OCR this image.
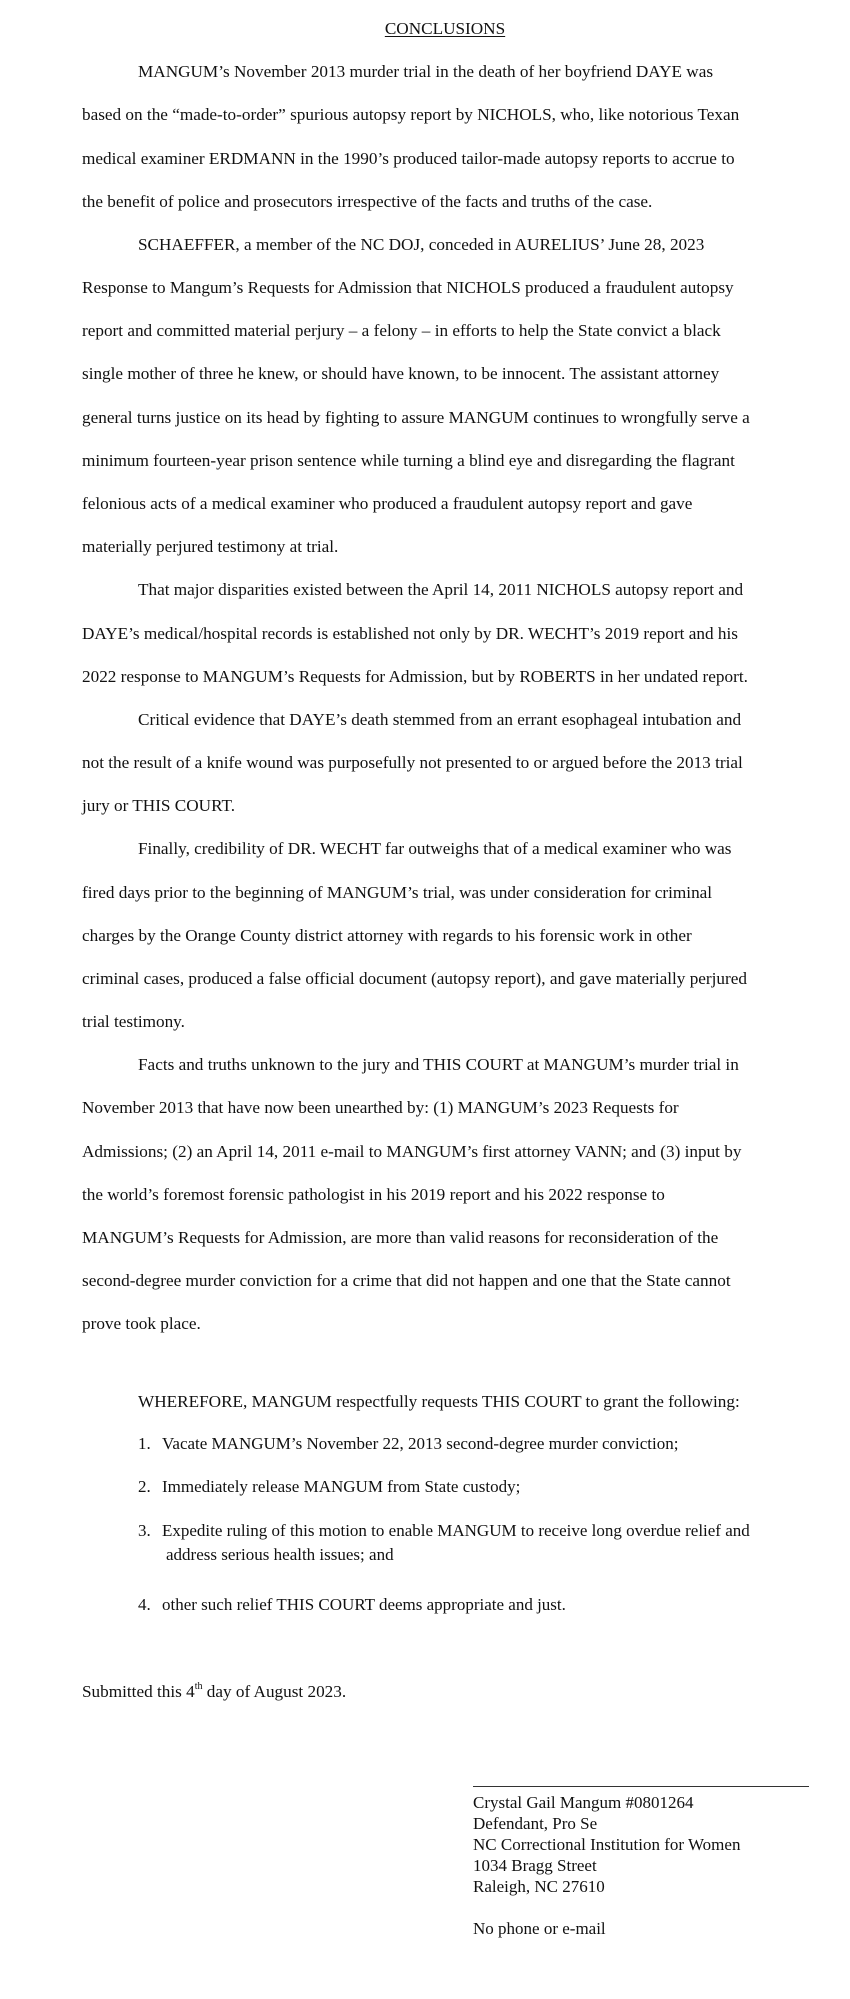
CONCLUSIONS
MANGUM’s November 2013 murder trial in the death of her boyfriend DAYE was
based on the “made-to-order” spurious autopsy report by NICHOLS, who, like notorious Texan
medical examiner ERDMANN in the 1990’s produced tailor-made autopsy reports to accrue to
the benefit of police and prosecutors irrespective of the facts and truths of the case.
SCHAEFFER, a member of the NC DOJ, conceded in AURELIUS’ June 28, 2023
Response to Mangum’s Requests for Admission that NICHOLS produced a fraudulent autopsy
report and committed material perjury – a felony – in efforts to help the State convict a black
single mother of three he knew, or should have known, to be innocent. The assistant attorney
general turns justice on its head by fighting to assure MANGUM continues to wrongfully serve a
minimum fourteen-year prison sentence while turning a blind eye and disregarding the flagrant
felonious acts of a medical examiner who produced a fraudulent autopsy report and gave
materially perjured testimony at trial.
That major disparities existed between the April 14, 2011 NICHOLS autopsy report and
DAYE’s medical/hospital records is established not only by DR. WECHT’s 2019 report and his
2022 response to MANGUM’s Requests for Admission, but by ROBERTS in her undated report.
Critical evidence that DAYE’s death stemmed from an errant esophageal intubation and
not the result of a knife wound was purposefully not presented to or argued before the 2013 trial
jury or THIS COURT.
Finally, credibility of DR. WECHT far outweighs that of a medical examiner who was
fired days prior to the beginning of MANGUM’s trial, was under consideration for criminal
charges by the Orange County district attorney with regards to his forensic work in other
criminal cases, produced a false official document (autopsy report), and gave materially perjured
trial testimony.
Facts and truths unknown to the jury and THIS COURT at MANGUM’s murder trial in
November 2013 that have now been unearthed by: (1) MANGUM’s 2023 Requests for
Admissions; (2) an April 14, 2011 e-mail to MANGUM’s first attorney VANN; and (3) input by
the world’s foremost forensic pathologist in his 2019 report and his 2022 response to
MANGUM’s Requests for Admission, are more than valid reasons for reconsideration of the
second-degree murder conviction for a crime that did not happen and one that the State cannot
prove took place.
WHEREFORE, MANGUM respectfully requests THIS COURT to grant the following:
1. Vacate MANGUM’s November 22, 2013 second-degree murder conviction;
2. Immediately release MANGUM from State custody;
3. Expedite ruling of this motion to enable MANGUM to receive long overdue relief and
address serious health issues; and
4. other such relief THIS COURT deems appropriate and just.
Submitted this 4th day of August 2023.
Crystal Gail Mangum #0801264
Defendant, Pro Se
NC Correctional Institution for Women
1034 Bragg Street
Raleigh, NC 27610
No phone or e-mail
